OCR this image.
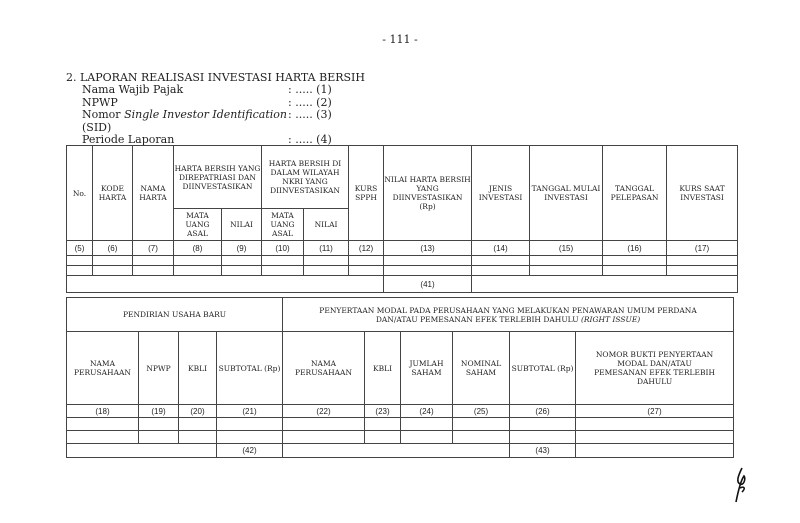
- 111 -
2. LAPORAN REALISASI INVESTASI HARTA BERSIH
Nama Wajib Pajak	: ..... (1)
NPWP	: ..... (2)
Nomor Single Investor Identification (SID)
: ..... (3)
Periode Laporan	: ..... (4)
No.	KODE HARTA	NAMA HARTA	HARTA BERSIH YANG DIREPATRIASI DAN DIINVESTASIKAN		HARTA BERSIH DI DALAM WILAYAH NKRI YANG DIINVESTASIKAN		KURS SPPH	NILAI HARTA BERSIH YANG DIINVESTASIKAN (Rp)	JENIS INVESTASI	TANGGAL MULAI INVESTASI	TANGGAL PELEPASAN	KURS SAAT INVESTASI
			MATA UANG ASAL	NILAI	MATA UANG ASAL	NILAI						
(5)	(6)	(7)	(8)	(9)	(10)	(11)	(12)	(13)	(14)	(15)	(16)	(17)

								(41)				
PENDIRIAN USAHA BARU				PENYERTAAN MODAL PADA PERUSAHAAN YANG MELAKUKAN PENAWARAN UMUM PERDANA DAN/ATAU PEMESANAN EFEK TERLEBIH DAHULU (RIGHT ISSUE)					
NAMA PERUSAHAAN	NPWP	KBLI	SUBTOTAL (Rp)	NAMA PERUSAHAAN	KBLI	JUMLAH SAHAM	NOMINAL SAHAM	SUBTOTAL (Rp)	NOMOR BUKTI PENYERTAAN MODAL DAN/ATAU PEMESANAN EFEK TERLEBIH DAHULU
(18)	(19)	(20)	(21)	(22)	(23)	(24)	(25)	(26)	(27)

			(42)					(43)	
